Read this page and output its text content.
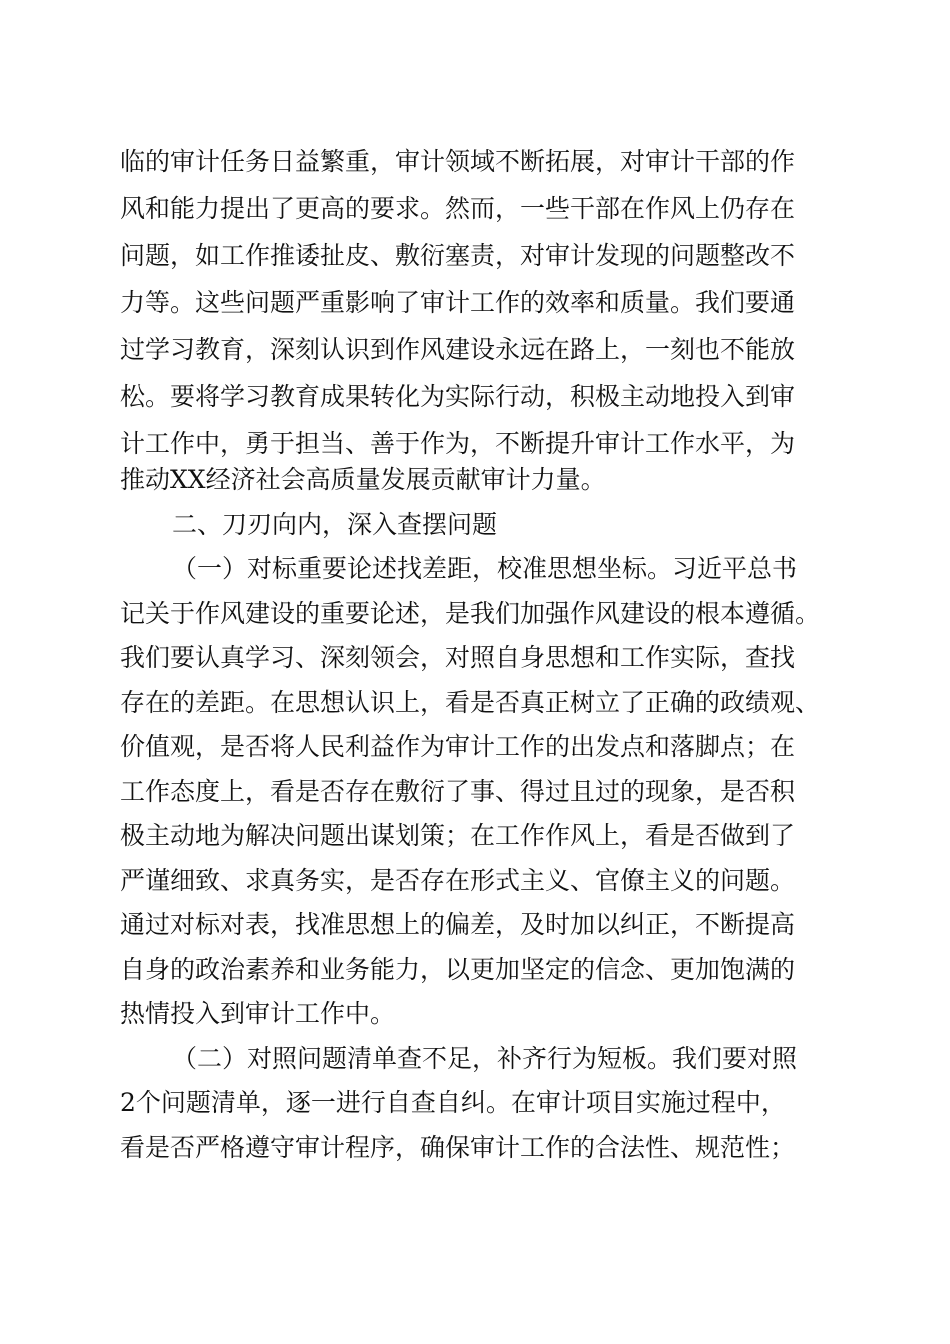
临的审计任务日益繁重，审计领域不断拓展，对审计干部的作
风和能力提出了更高的要求。然而，一些干部在作风上仍存在
问题，如工作推诿扯皮、敷衍塞责，对审计发现的问题整改不
力等。这些问题严重影响了审计工作的效率和质量。我们要通
过学习教育，深刻认识到作风建设永远在路上，一刻也不能放
松。要将学习教育成果转化为实际行动，积极主动地投入到审
计工作中，勇于担当、善于作为，不断提升审计工作水平，为
推动XX经济社会高质量发展贡献审计力量。
二、刀刃向内，深入查摆问题
（一）对标重要论述找差距，校准思想坐标。习近平总书
记关于作风建设的重要论述，是我们加强作风建设的根本遵循。
我们要认真学习、深刻领会，对照自身思想和工作实际，查找
存在的差距。在思想认识上，看是否真正树立了正确的政绩观、
价值观，是否将人民利益作为审计工作的出发点和落脚点；在
工作态度上，看是否存在敷衍了事、得过且过的现象，是否积
极主动地为解决问题出谋划策；在工作作风上，看是否做到了
严谨细致、求真务实，是否存在形式主义、官僚主义的问题。
通过对标对表，找准思想上的偏差，及时加以纠正，不断提高
自身的政治素养和业务能力，以更加坚定的信念、更加饱满的
热情投入到审计工作中。
（二）对照问题清单查不足，补齐行为短板。我们要对照
2个问题清单，逐一进行自查自纠。在审计项目实施过程中，
看是否严格遵守审计程序，确保审计工作的合法性、规范性；
